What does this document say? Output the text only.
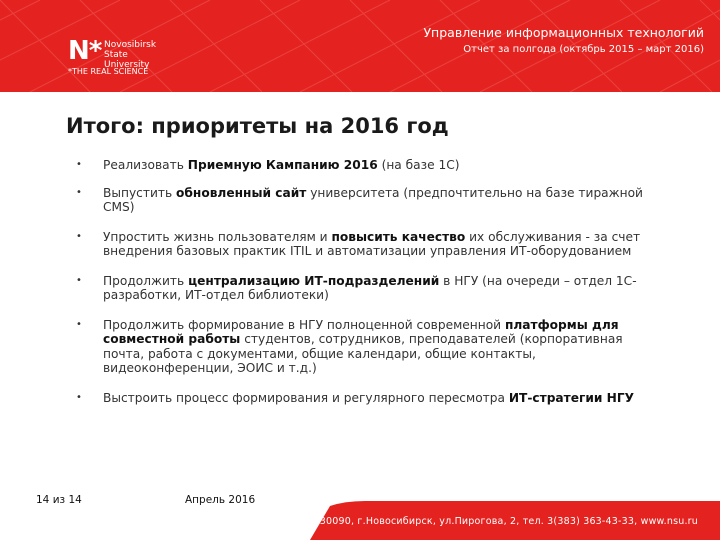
N* Novosibirsk
State
University
*THE REAL SCIENCE
Управление информационных технологий
Отчет за полгода (октябрь 2015 – март 2016)
Итого: приоритеты на 2016 год
• Реализовать Приемную Кампанию 2016 (на базе 1С)
• Выпустить обновленный сайт университета (предпочтительно на базе тиражной CMS)
• Упростить жизнь пользователям и повысить качество их обслуживания - за счет внедрения базовых практик ITIL и автоматизации управления ИТ-оборудованием
• Продолжить централизацию ИТ-подразделений в НГУ (на очереди – отдел 1С-разработки, ИТ-отдел библиотеки)
• Продолжить формирование в НГУ полноценной современной платформы для совместной работы студентов, сотрудников, преподавателей (корпоративная почта, работа с документами, общие календари, общие контакты, видеоконференции, ЭОИС и т.д.)
• Выстроить процесс формирования и регулярного пересмотра ИТ-стратегии НГУ
14 из 14	Апрель 2016
630090, г.Новосибирск, ул.Пирогова, 2, тел. 3(383) 363-43-33, www.nsu.ru
